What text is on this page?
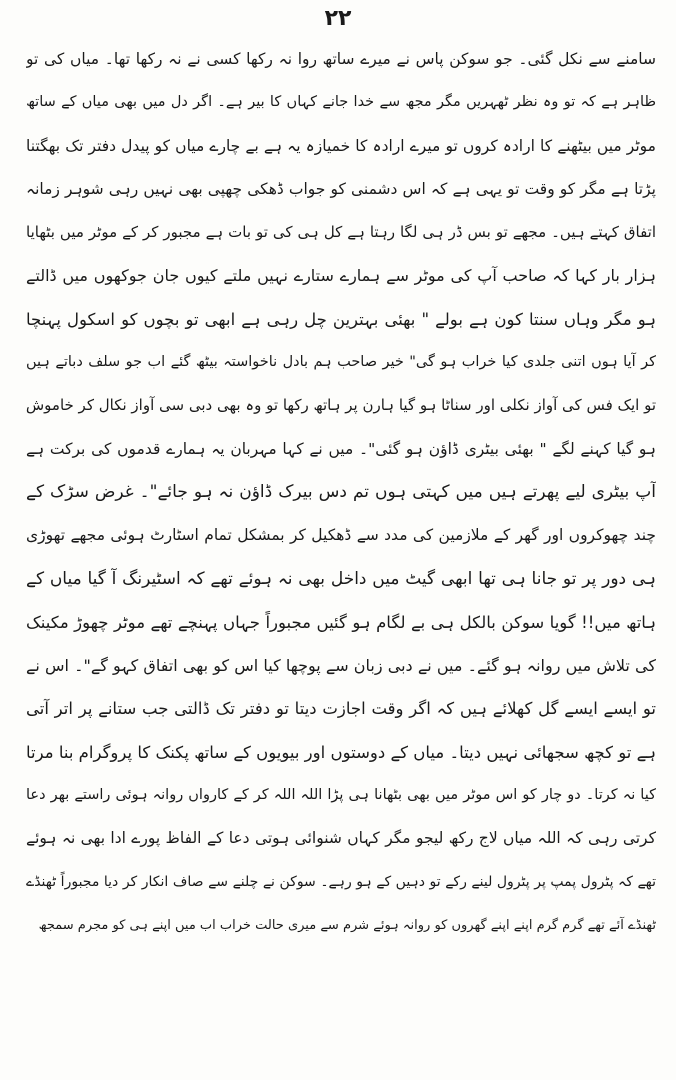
۲۲
سامنے سے نکل گئی۔ جو سوکن پاس نے میرے ساتھ روا نہ رکھا کسی نے نہ رکھا تھا۔ میاں کی تو
ظاہر ہے کہ تو وہ نظر ٹھہریں مگر مجھ سے خدا جانے کہاں کا بیر ہے۔ اگر دل میں بھی میاں کے ساتھ
موٹر میں بیٹھنے کا ارادہ کروں تو میرے ارادہ کا خمیازہ یہ ہے بے چارے میاں کو پیدل دفتر تک بھگتنا
پڑتا ہے مگر کو وقت تو یہی ہے کہ اس دشمنی کو جواب ڈھکی چھپی بھی نہیں رہی شوہر زمانہ
اتفاق کہتے ہیں۔ مجھے تو بس ڈر ہی لگا رہتا ہے کل ہی کی تو بات ہے مجبور کر کے موٹر میں بٹھایا
ہزار بار کہا کہ صاحب آپ کی موٹر سے ہمارے ستارے نہیں ملتے کیوں جان جوکھوں میں ڈالتے
ہو مگر وہاں سنتا کون ہے بولے " بھئی بہترین چل رہی ہے ابھی تو بچوں کو اسکول پہنچا
کر آیا ہوں اتنی جلدی کیا خراب ہو گی" خیر صاحب ہم بادل ناخواستہ بیٹھ گئے اب جو سلف دباتے ہیں
تو ایک فس کی آواز نکلی اور سناٹا ہو گیا ہارن پر ہاتھ رکھا تو وہ بھی دبی سی آواز نکال کر خاموش
ہو گیا کہنے لگے " بھئی بیٹری ڈاؤن ہو گئی"۔ میں نے کہا مہربان یہ ہمارے قدموں کی برکت ہے
آپ بیٹری لیے پھرتے ہیں میں کہتی ہوں تم دس بیرک ڈاؤن نہ ہو جائے"۔ غرض سڑک کے
چند چھوکروں اور گھر کے ملازمین کی مدد سے ڈھکیل کر بمشکل تمام اسٹارٹ ہوئی مجھے تھوڑی
ہی دور پر تو جانا ہی تھا ابھی گیٹ میں داخل بھی نہ ہوئے تھے کہ اسٹیرنگ آ گیا میاں کے
ہاتھ میں!! گویا سوکن بالکل ہی بے لگام ہو گئیں مجبوراً جہاں پہنچے تھے موٹر چھوڑ مکینک
کی تلاش میں روانہ ہو گئے۔ میں نے دبی زبان سے پوچھا کیا اس کو بھی اتفاق کہو گے"۔ اس نے
تو ایسے ایسے گل کھلائے ہیں کہ اگر وقت اجازت دیتا تو دفتر تک ڈالتی جب ستانے پر اتر آتی
ہے تو کچھ سجھائی نہیں دیتا۔ میاں کے دوستوں اور بیویوں کے ساتھ پکنک کا پروگرام بنا مرتا
کیا نہ کرتا۔ دو چار کو اس موٹر میں بھی بٹھانا ہی پڑا اللہ اللہ کر کے کارواں روانہ ہوئی راستے بھر دعا
کرتی رہی کہ اللہ میاں لاج رکھ لیجو مگر کہاں شنوائی ہوتی دعا کے الفاظ پورے ادا بھی نہ ہوئے
تھے کہ پٹرول پمپ پر پٹرول لینے رکے تو دہیں کے ہو رہے۔ سوکن نے چلنے سے صاف انکار کر دیا مجبوراً ٹھنڈے
ٹھنڈے آئے تھے گرم گرم اپنے اپنے گھروں کو روانہ ہوئے شرم سے میری حالت خراب اب میں اپنے ہی کو مجرم سمجھ
